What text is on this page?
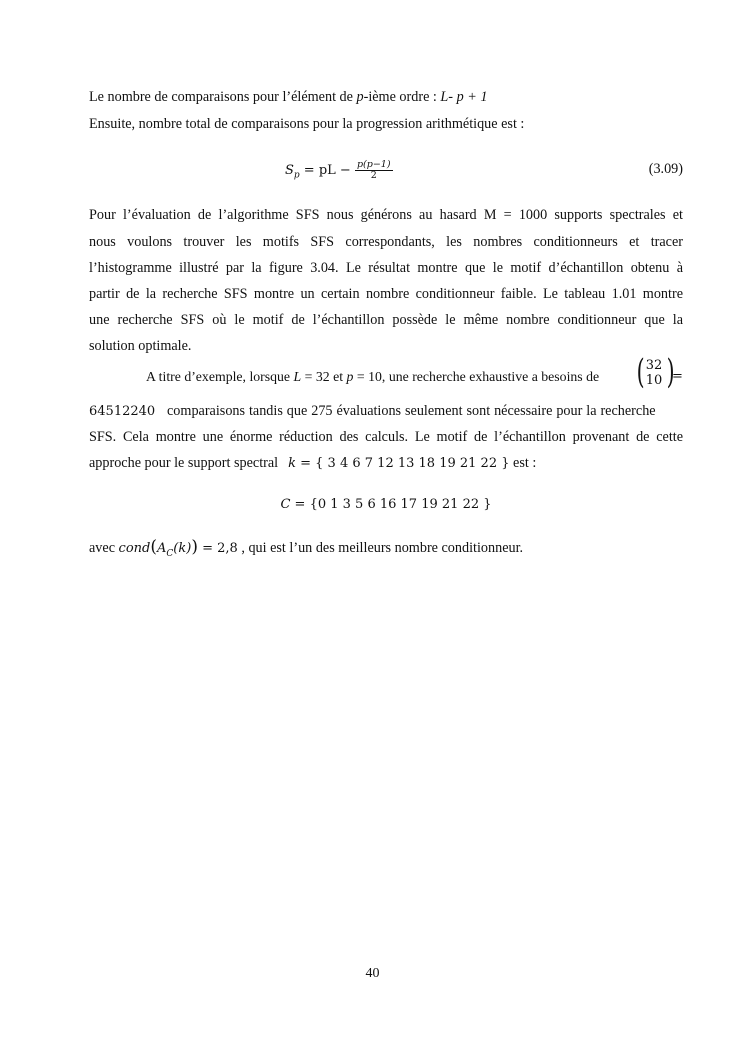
Le nombre de comparaisons pour l’élément de p-ième ordre : L- p + 1
Ensuite, nombre total de comparaisons pour la progression arithmétique est :
$S_p$ = pL − $\frac{p(p-1)}{2}$	(3.09)
Pour l’évaluation de l’algorithme SFS nous générons au hasard M = 1000 supports spectrales et
nous voulons trouver les motifs SFS correspondants, les nombres conditionneurs et tracer
l’histogramme illustré par la figure 3.04. Le résultat montre que le motif d’échantillon obtenu à
partir de la recherche SFS montre un certain nombre conditionneur faible. Le tableau 1.01 montre
une recherche SFS où le motif de l’échantillon possède le même nombre conditionneur que la
solution optimale.
A titre d’exemple, lorsque L = 32 et p = 10, une recherche exhaustive a besoins de	( 32
10 )
=
64512240   comparaisons tandis que 275 évaluations seulement sont nécessaire pour la recherche
SFS. Cela montre une énorme réduction des calculs. Le motif de l’échantillon provenant de cette
approche pour le support spectral k = { 3 4 6 7 12 13 18 19 21 22 } est :
C = {0 1 3 5 6 16 17 19 21 22 }
avec $cond(A_C(k)) = 2,8$ , qui est l’un des meilleurs nombre conditionneur.
40
